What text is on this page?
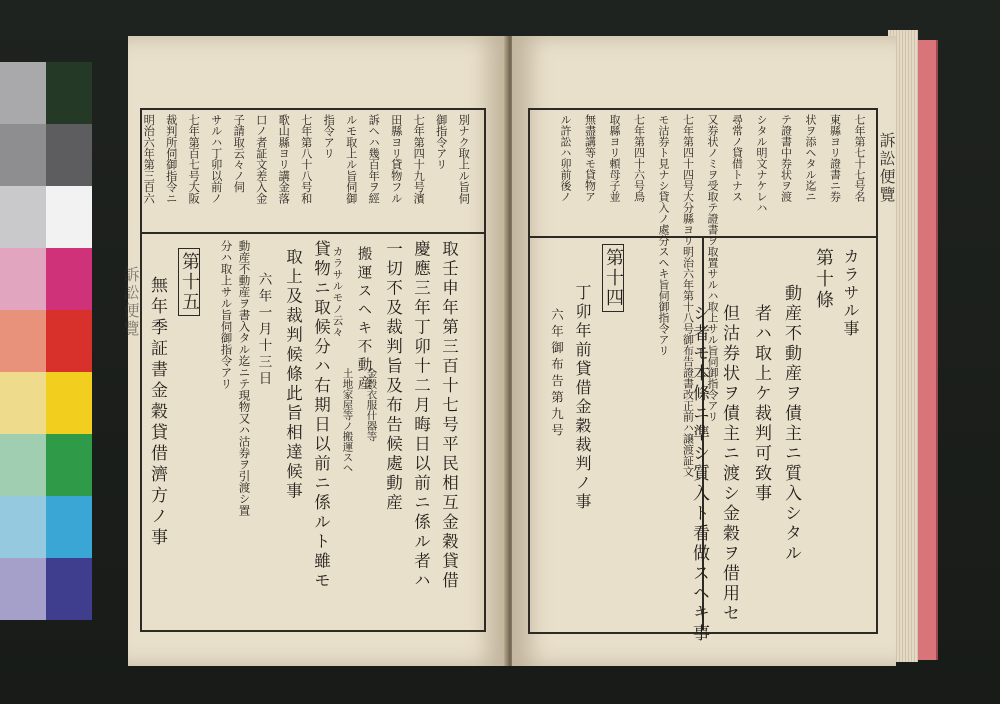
別ナク取上ル旨伺
御指令アリ
七年第四十九号濱
田縣ヨリ貸物フル
訴ヘハ幾百年ヲ經
ルモ取上ル旨伺御
指令アリ
七年第八十八号和
歌山縣ヨリ講金落
口ノ者証文差入金
子請取云々ノ伺
サルハ丁卯以前ノ
七年第百七号大阪
裁判所伺御指令ニ
明治六年第三百六
取壬申年第三百十七号平民相互金穀貸借
慶應三年丁卯十二月晦日以前ニ係ル者ハ
一切不及裁判旨及布告候處動産
金穀衣服什器等
搬運スヘキ不動産
土地家屋等ノ搬運スヘ
カラサルモノ云々
貸物ニ取候分ハ右期日以前ニ係ルト雖モ
取上及裁判候條此旨相達候事
六年一月十三日
動産不動産ヲ書入タル迄ニテ現物又ハ沽券ヲ引渡シ置
分ハ取上サル旨伺御指令アリ
第十五
無年季証書金穀貸借濟方ノ事
訴訟便覽
七年第七十七号名
東縣ヨリ證書ニ券
状ヲ添ヘタル迄ニ
テ證書中券状ヲ渡
シタル明文ナケレハ
尋常ノ貸借トナス
又券状ノミヲ受取テ證書ヲ取置サルハ取上サル旨伺御指令アリ
七年第四十四号大分縣ヨリ明治六年第十八号御布告證書改正前ハ譲渡証文
モ沽券ト見ナシ貸入ノ處分スヘキ旨伺御指令アリ
七年第四十六号鳥
取縣ヨリ頼母子並
無盡講等モ貸物ア
ル許訟ハ卯前後ノ
カラサル事
第十條
動産不動産ヲ債主ニ質入シタル
者ハ取上ケ裁判可致事
但沽券状ヲ債主ニ渡シ金穀ヲ借用セ
シ者モ本條ニ準シ質入ト看做スヘキ事
第十四
丁卯年前貸借金穀裁判ノ事
六年御布告第九号
訴訟便覽
